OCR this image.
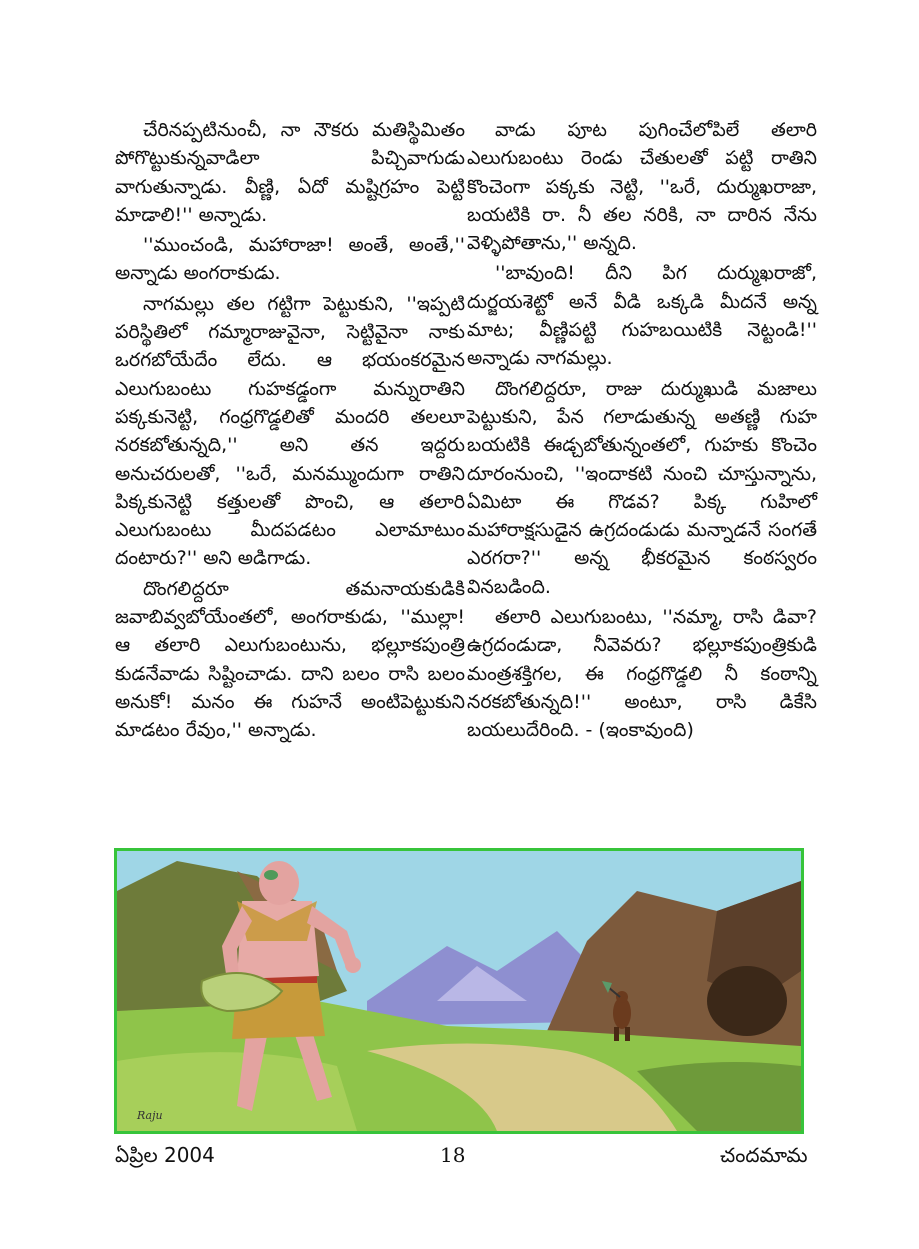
చేరినప్పటినుంచీ, నా నౌకరు మతిస్థిమితం పోగొట్టుకున్నవాడిలా పిచ్చివాగుడు వాగుతున్నాడు. వీణ్ణి, ఏదో మష్టిగ్రహం పెట్టి మాడాలి!'' అన్నాడు.

''ముంచండి, మహారాజా! అంతే, అంతే,'' అన్నాడు అంగరాకుడు.

నాగమల్లు తల గట్టిగా పెట్టుకుని, ''ఇప్పటి పరిస్థితిలో గమ్మారాజువైనా, సెట్టివైనా నాకు ఒరగబోయేదేం లేదు. ఆ భయంకరమైన ఎలుగుబంటు గుహకడ్డంగా మన్నురాతిని పక్కకునెట్టి, గంధ్రగొడ్డలితో మందరి తలలూ నరకబోతున్నది,'' అని తన ఇద్దరు అనుచరులతో, ''ఒరే, మనమ్ముందుగా రాతిని పిక్కకునెట్టి కత్తులతో పొంచి, ఆ తలారి ఎలుగుబంటు మీదపడటం ఎలామాటుం దంటారు?'' అని అడిగాడు.

దొంగలిద్దరూ తమనాయకుడికి జవాబివ్వబోయేంతలో, అంగరాకుడు, ''ముల్లా! ఆ తలారి ఎలుగుబంటును, భల్లూకపుంత్రి కుడనేవాడు సిష్టించాడు. దాని బలం రాసి బలం అనుకో! మనం ఈ గుహనే అంటిపెట్టుకుని మాడటం రేవుం,'' అన్నాడు.

వాడు పూట పుగించేలోపిలే తలారి ఎలుగుబంటు రెండు చేతులతో పట్టి రాతిని కొంచెంగా పక్కకు నెట్టి, ''ఒరే, దుర్ముఖరాజా, బయటికి రా. నీ తల నరికి, నా దారిన నేను వెళ్ళిపోతాను,'' అన్నది.

''బావుంది! దీని పిగ దుర్ముఖరాజో, దుర్జయశెట్టో అనే వీడి ఒక్కడి మీదనే అన్న మాట; వీణ్ణిపట్టి గుహబయిటికి నెట్టండి!'' అన్నాడు నాగమల్లు.

దొంగలిద్దరూ, రాజు దుర్ముఖుడి మజాలు పెట్టుకుని, పేన గలాడుతున్న అతణ్ణి గుహ బయటికి ఈడ్చబోతున్నంతలో, గుహకు కొంచెం దూరంనుంచి, ''ఇందాకటి నుంచి చూస్తున్నాను, ఏమిటా ఈ గొడవ? పిక్క గుహిలో మహారాక్షసుడైన ఉగ్రదండుడు మన్నాడనే సంగతే ఎరగరా?'' అన్న భీకరమైన కంఠస్వరం వినబడింది.

తలారి ఎలుగుబంటు, ''నమ్మా, రాసి డివా? ఉగ్రదండుడా, నీవెవరు? భల్లూకపుంత్రికుడి మంత్రశక్తిగల, ఈ గంధ్రగొడ్డలి నీ కంఠాన్ని నరకబోతున్నది!'' అంటూ, రాసి డికేసి బయలుదేరింది. - (ఇంకావుంది)

Raju
ఏప్రిల 2004	18	చందమామ
